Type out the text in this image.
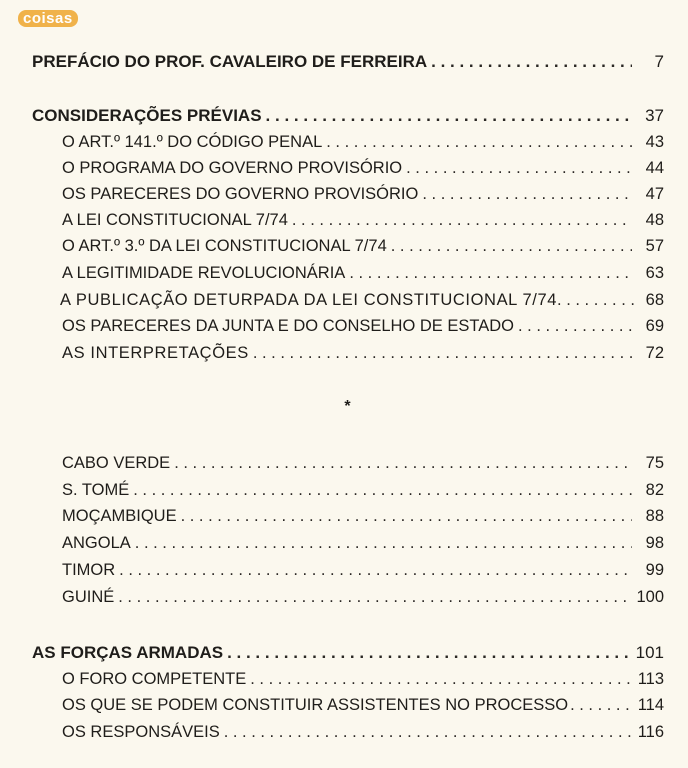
coisas
PREFÁCIO DO PROF. CAVALEIRO DE FERREIRA . . .	7
CONSIDERAÇÕES PRÉVIAS . . .	37
O ART.º 141.º DO CÓDIGO PENAL . . .	43
O PROGRAMA DO GOVERNO PROVISÓRIO . . .	44
OS PARECERES DO GOVERNO PROVISÓRIO . . .	47
A LEI CONSTITUCIONAL 7/74 . . .	48
O ART.º 3.º DA LEI CONSTITUCIONAL 7/74 . . .	57
A LEGITIMIDADE REVOLUCIONÁRIA . . .	63
A PUBLICAÇÃO DETURPADA DA LEI CONSTITUCIONAL 7/74 . . .	68
OS PARECERES DA JUNTA E DO CONSELHO DE ESTADO . . .	69
AS INTERPRETAÇÕES . . .	72
*
CABO VERDE . . .	75
S. TOMÉ . . .	82
MOÇAMBIQUE . . .	88
ANGOLA . . .	98
TIMOR . . .	99
GUINÉ . . .	100
AS FORÇAS ARMADAS . . .	101
O FORO COMPETENTE . . .	113
OS QUE SE PODEM CONSTITUIR ASSISTENTES NO PROCESSO . . .	114
OS RESPONSÁVEIS . . .	116
